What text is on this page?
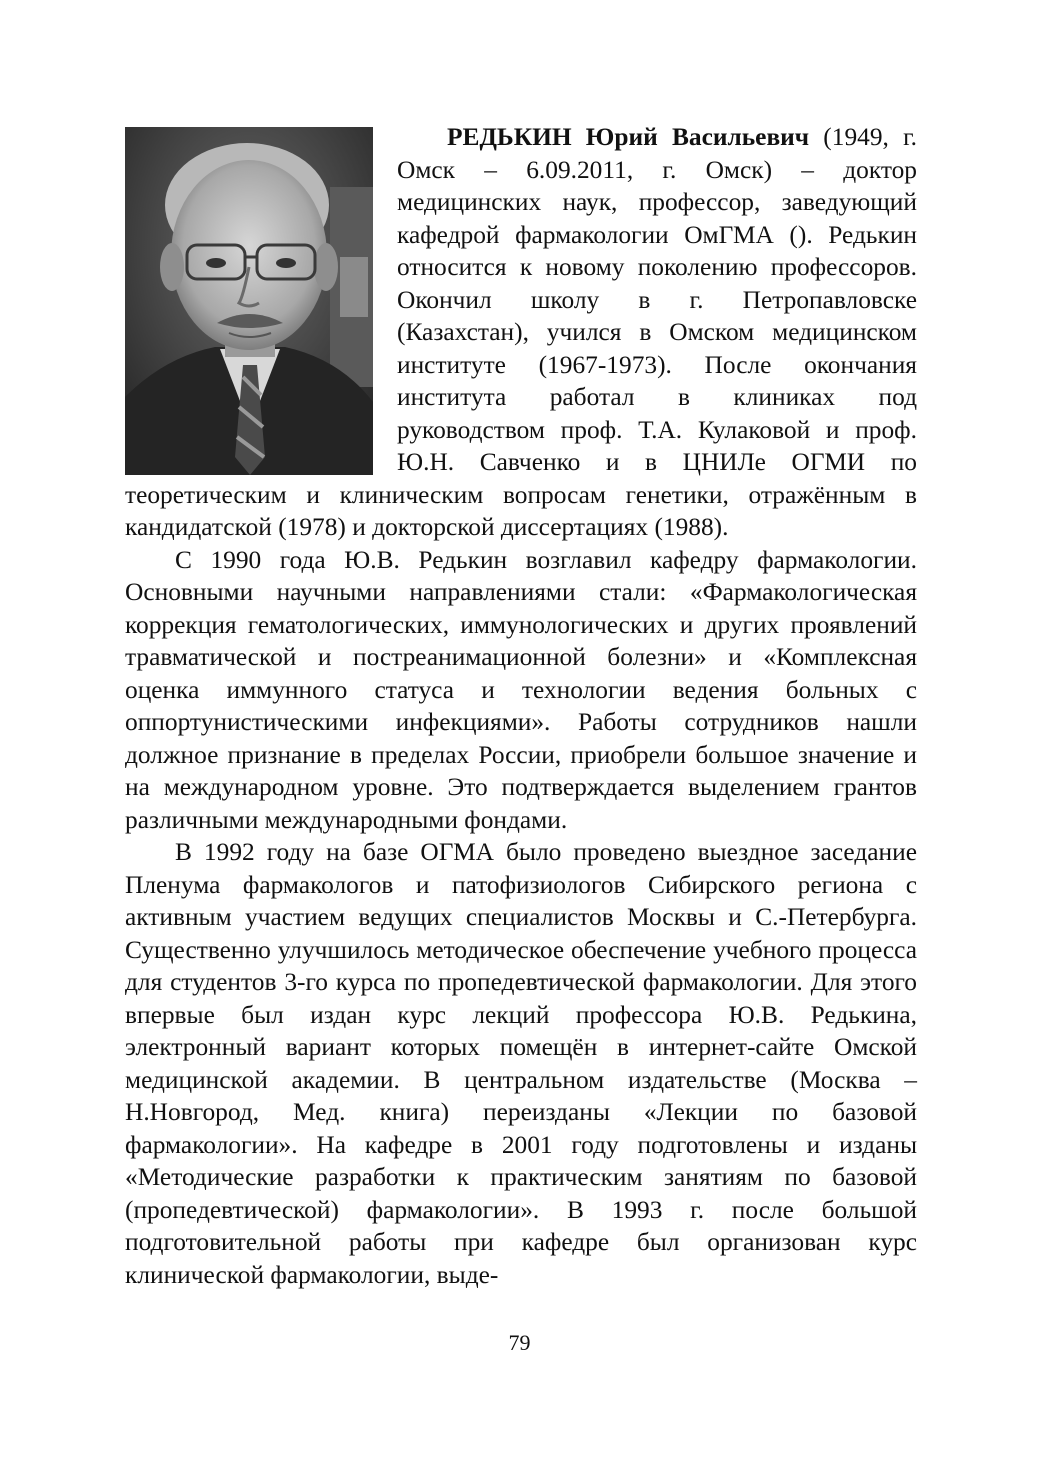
РЕДЬКИН Юрий Васильевич (1949, г. Омск – 6.09.2011, г. Омск) – доктор медицинских наук, профессор, заведующий кафедрой фармакологии ОмГМА (). Редькин относится к новому поколению профессоров. Окончил школу в г. Петропавловске (Казахстан), учился в Омском медицинском институте (1967-1973). После окончания института работал в клиниках под руководством проф. Т.А. Кулаковой и проф. Ю.Н. Савченко и в ЦНИЛе ОГМИ по теоретическим и клиническим вопросам генетики, отражённым в кандидатской (1978) и докторской диссертациях (1988).

С 1990 года Ю.В. Редькин возглавил кафедру фармакологии. Основными научными направлениями стали: «Фармакологическая коррекция гематологических, иммунологических и других проявлений травматической и постреанимационной болезни» и «Комплексная оценка иммунного статуса и технологии ведения больных с оппортунистическими инфекциями». Работы сотрудников нашли должное признание в пределах России, приобрели большое значение и на международном уровне. Это подтверждается выделением грантов различными международными фондами.

В 1992 году на базе ОГМА было проведено выездное заседание Пленума фармакологов и патофизиологов Сибирского региона с активным участием ведущих специалистов Москвы и С.-Петербурга. Существенно улучшилось методическое обеспечение учебного процесса для студентов 3-го курса по пропедевтической фармакологии. Для этого впервые был издан курс лекций профессора Ю.В. Редькина, электронный вариант которых помещён в интернет-сайте Омской медицинской академии. В центральном издательстве (Москва – Н.Новгород, Мед. книга) переизданы «Лекции по базовой фармакологии». На кафедре в 2001 году подготовлены и изданы «Методические разработки к практическим занятиям по базовой (пропедевтической) фармакологии». В 1993 г. после большой подготовительной работы при кафедре был организован курс клинической фармакологии, выде-

79
